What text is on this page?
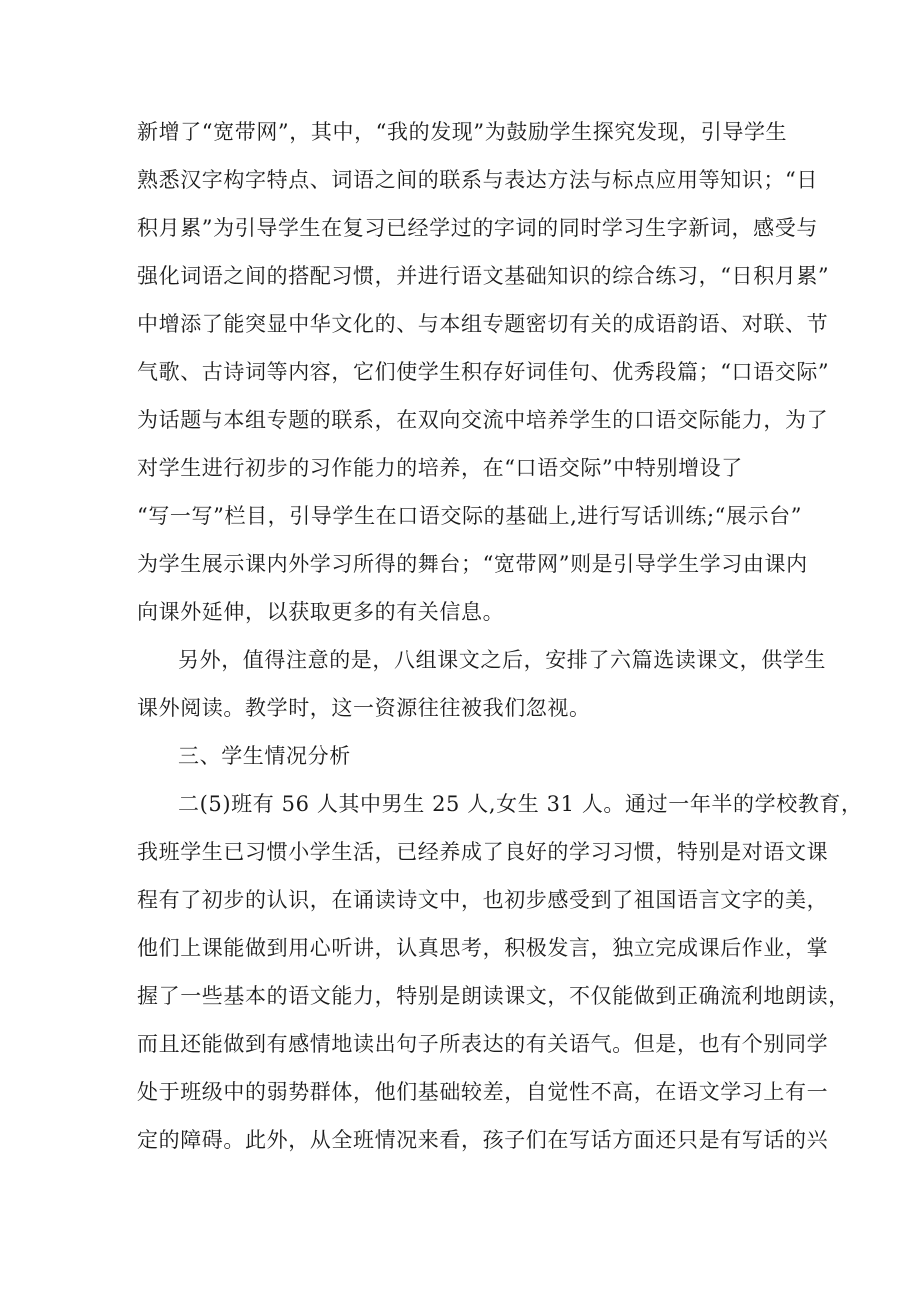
新增了“宽带网”，其中，“我的发现”为鼓励学生探究发现，引导学生
熟悉汉字构字特点、词语之间的联系与表达方法与标点应用等知识；“日
积月累”为引导学生在复习已经学过的字词的同时学习生字新词，感受与
强化词语之间的搭配习惯，并进行语文基础知识的综合练习，“日积月累”
中增添了能突显中华文化的、与本组专题密切有关的成语韵语、对联、节
气歌、古诗词等内容，它们使学生积存好词佳句、优秀段篇；“口语交际”
为话题与本组专题的联系，在双向交流中培养学生的口语交际能力，为了
对学生进行初步的习作能力的培养，在“口语交际”中特别增设了
“写一写”栏目，引导学生在口语交际的基础上,进行写话训练;“展示台”
为学生展示课内外学习所得的舞台；“宽带网”则是引导学生学习由课内
向课外延伸，以获取更多的有关信息。
另外，值得注意的是，八组课文之后，安排了六篇选读课文，供学生
课外阅读。教学时，这一资源往往被我们忽视。
三、学生情况分析
二(5)班有 56 人其中男生 25 人,女生 31 人。通过一年半的学校教育，
我班学生已习惯小学生活，已经养成了良好的学习习惯，特别是对语文课
程有了初步的认识，在诵读诗文中，也初步感受到了祖国语言文字的美，
他们上课能做到用心听讲，认真思考，积极发言，独立完成课后作业，掌
握了一些基本的语文能力，特别是朗读课文，不仅能做到正确流利地朗读，
而且还能做到有感情地读出句子所表达的有关语气。但是，也有个别同学
处于班级中的弱势群体，他们基础较差，自觉性不高，在语文学习上有一
定的障碍。此外，从全班情况来看，孩子们在写话方面还只是有写话的兴
